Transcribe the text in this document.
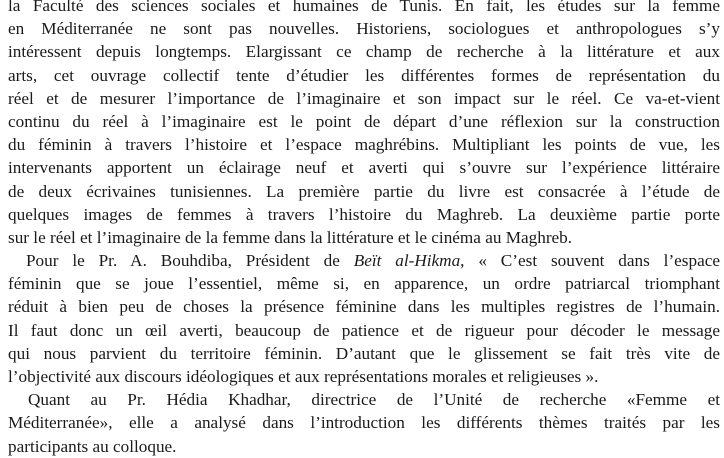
la Faculté des sciences sociales et humaines de Tunis. En fait, les études sur la femme
en Méditerranée ne sont pas nouvelles. Historiens, sociologues et anthropologues s’y
intéressent depuis longtemps. Elargissant ce champ de recherche à la littérature et aux
arts, cet ouvrage collectif tente d’étudier les différentes formes de représentation du
réel et de mesurer l’importance de l’imaginaire et son impact sur le réel. Ce va-et-vient
continu du réel à l’imaginaire est le point de départ d’une réflexion sur la construction
du féminin à travers l’histoire et l’espace maghrébins. Multipliant les points de vue, les
intervenants apportent un éclairage neuf et averti qui s’ouvre sur l’expérience littéraire
de deux écrivaines tunisiennes. La première partie du livre est consacrée à l’étude de
quelques images de femmes à travers l’histoire du Maghreb. La deuxième partie porte
sur le réel et l’imaginaire de la femme dans la littérature et le cinéma au Maghreb.
Pour le Pr. A. Bouhdiba, Président de Beït al-Hikma, « C’est souvent dans l’espace
féminin que se joue l’essentiel, même si, en apparence, un ordre patriarcal triomphant
réduit à bien peu de choses la présence féminine dans les multiples registres de l’humain.
Il faut donc un œil averti, beaucoup de patience et de rigueur pour décoder le message
qui nous parvient du territoire féminin. D’autant que le glissement se fait très vite de
l’objectivité aux discours idéologiques et aux représentations morales et religieuses ».
Quant au Pr. Hédia Khadhar, directrice de l’Unité de recherche «Femme et
Méditerranée», elle a analysé dans l’introduction les différents thèmes traités par les
participants au colloque.
